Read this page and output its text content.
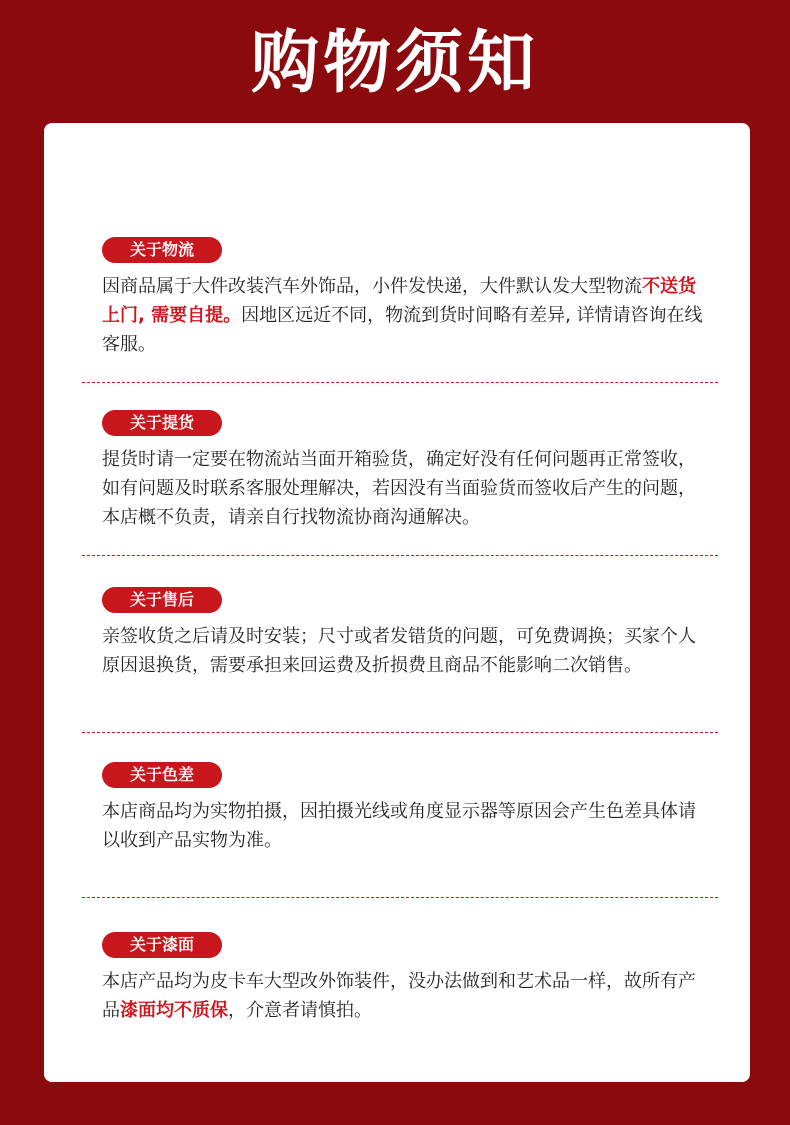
购物须知
关于物流
因商品属于大件改装汽车外饰品，小件发快递，大件默认发大型物流不送货上门, 需要自提。因地区远近不同，物流到货时间略有差异, 详情请咨询在线客服。
关于提货
提货时请一定要在物流站当面开箱验货，确定好没有任何问题再正常签收，如有问题及时联系客服处理解决，若因没有当面验货而签收后产生的问题，本店概不负责，请亲自行找物流协商沟通解决。
关于售后
亲签收货之后请及时安装；尺寸或者发错货的问题，可免费调换；买家个人原因退换货，需要承担来回运费及折损费且商品不能影响二次销售。
关于色差
本店商品均为实物拍摄，因拍摄光线或角度显示器等原因会产生色差具体请以收到产品实物为准。
关于漆面
本店产品均为皮卡车大型改外饰装件，没办法做到和艺术品一样，故所有产品漆面均不质保，介意者请慎拍。
